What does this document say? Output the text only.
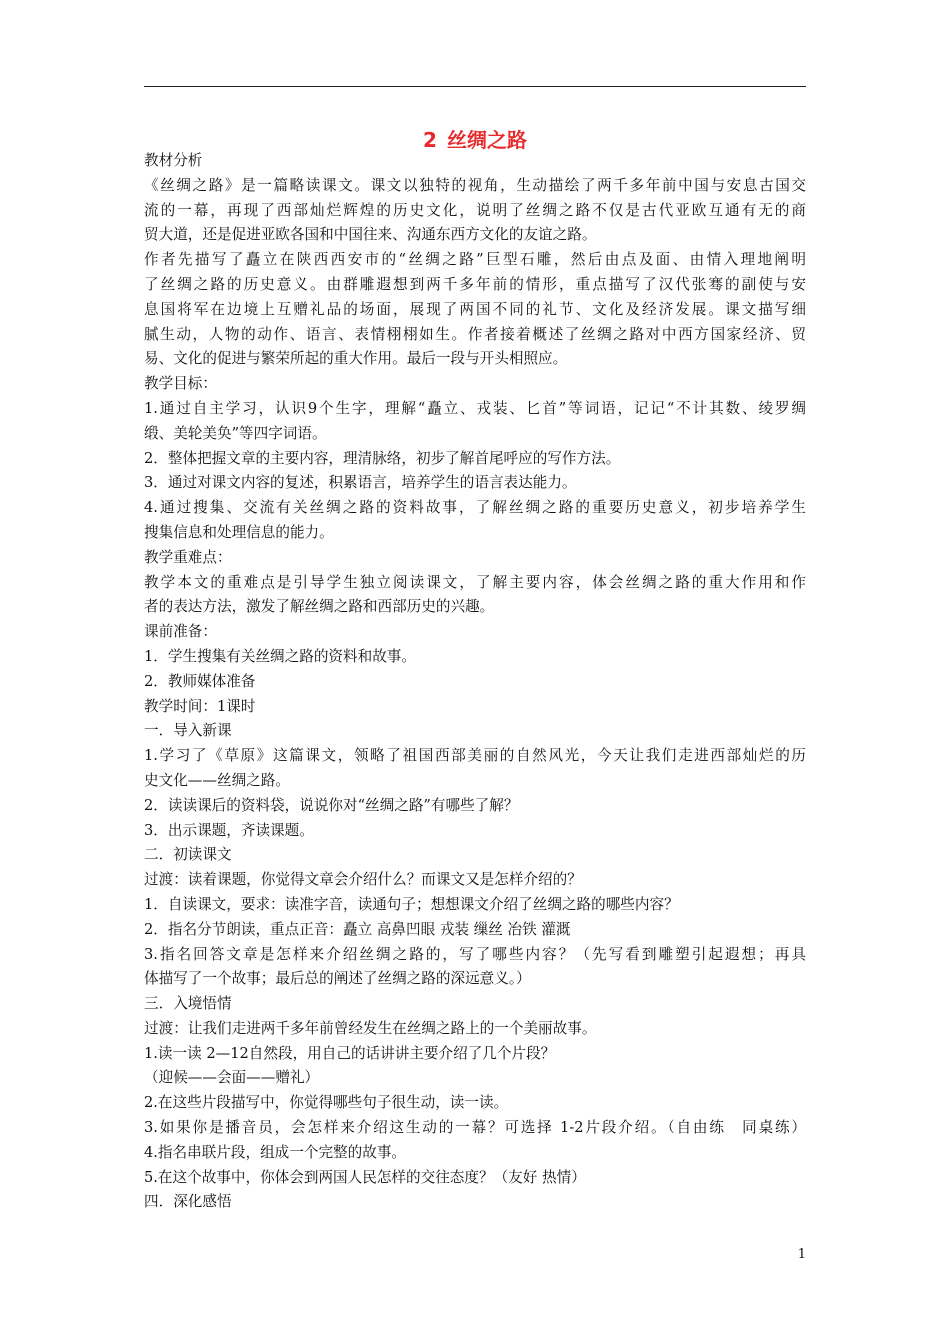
2 丝绸之路
教材分析
《丝绸之路》是一篇略读课文。课文以独特的视角，生动描绘了两千多年前中国与安息古国交
流的一幕，再现了西部灿烂辉煌的历史文化，说明了丝绸之路不仅是古代亚欧互通有无的商
贸大道，还是促进亚欧各国和中国往来、沟通东西方文化的友谊之路。
作者先描写了矗立在陕西西安市的“丝绸之路”巨型石雕，然后由点及面、由情入理地阐明
了丝绸之路的历史意义。由群雕遐想到两千多年前的情形，重点描写了汉代张骞的副使与安
息国将军在边境上互赠礼品的场面，展现了两国不同的礼节、文化及经济发展。课文描写细
腻生动，人物的动作、语言、表情栩栩如生。作者接着概述了丝绸之路对中西方国家经济、贸
易、文化的促进与繁荣所起的重大作用。最后一段与开头相照应。
教学目标：
1.通过自主学习，认识9个生字，理解“矗立、戎装、匕首”等词语，记记“不计其数、绫罗绸
缎、美轮美奂”等四字词语。
2．整体把握文章的主要内容，理清脉络，初步了解首尾呼应的写作方法。
3．通过对课文内容的复述，积累语言，培养学生的语言表达能力。
4.通过搜集、交流有关丝绸之路的资料故事，了解丝绸之路的重要历史意义，初步培养学生
搜集信息和处理信息的能力。
教学重难点：
教学本文的重难点是引导学生独立阅读课文，了解主要内容，体会丝绸之路的重大作用和作
者的表达方法，激发了解丝绸之路和西部历史的兴趣。
课前准备：
1．学生搜集有关丝绸之路的资料和故事。
2．教师媒体准备
教学时间：1课时
一．导入新课
1.学习了《草原》这篇课文，领略了祖国西部美丽的自然风光，今天让我们走进西部灿烂的历
史文化——丝绸之路。
2．读读课后的资料袋，说说你对“丝绸之路”有哪些了解？
3．出示课题，齐读课题。
二．初读课文
过渡：读着课题，你觉得文章会介绍什么？而课文又是怎样介绍的？
1．自读课文，要求：读准字音，读通句子；想想课文介绍了丝绸之路的哪些内容？
2．指名分节朗读，重点正音：矗立 高鼻凹眼 戎装 缫丝 冶铁 灌溉
3.指名回答文章是怎样来介绍丝绸之路的，写了哪些内容？（先写看到雕塑引起遐想；再具
体描写了一个故事；最后总的阐述了丝绸之路的深远意义。）
三．入境悟情
过渡：让我们走进两千多年前曾经发生在丝绸之路上的一个美丽故事。
1.读一读 2—12自然段，用自己的话讲讲主要介绍了几个片段？
（迎候——会面——赠礼）
2.在这些片段描写中，你觉得哪些句子很生动，读一读。
3.如果你是播音员，会怎样来介绍这生动的一幕？可选择 1-2片段介绍。（自由练　同桌练）
4.指名串联片段，组成一个完整的故事。
5.在这个故事中，你体会到两国人民怎样的交往态度？（友好 热情）
四．深化感悟
1
